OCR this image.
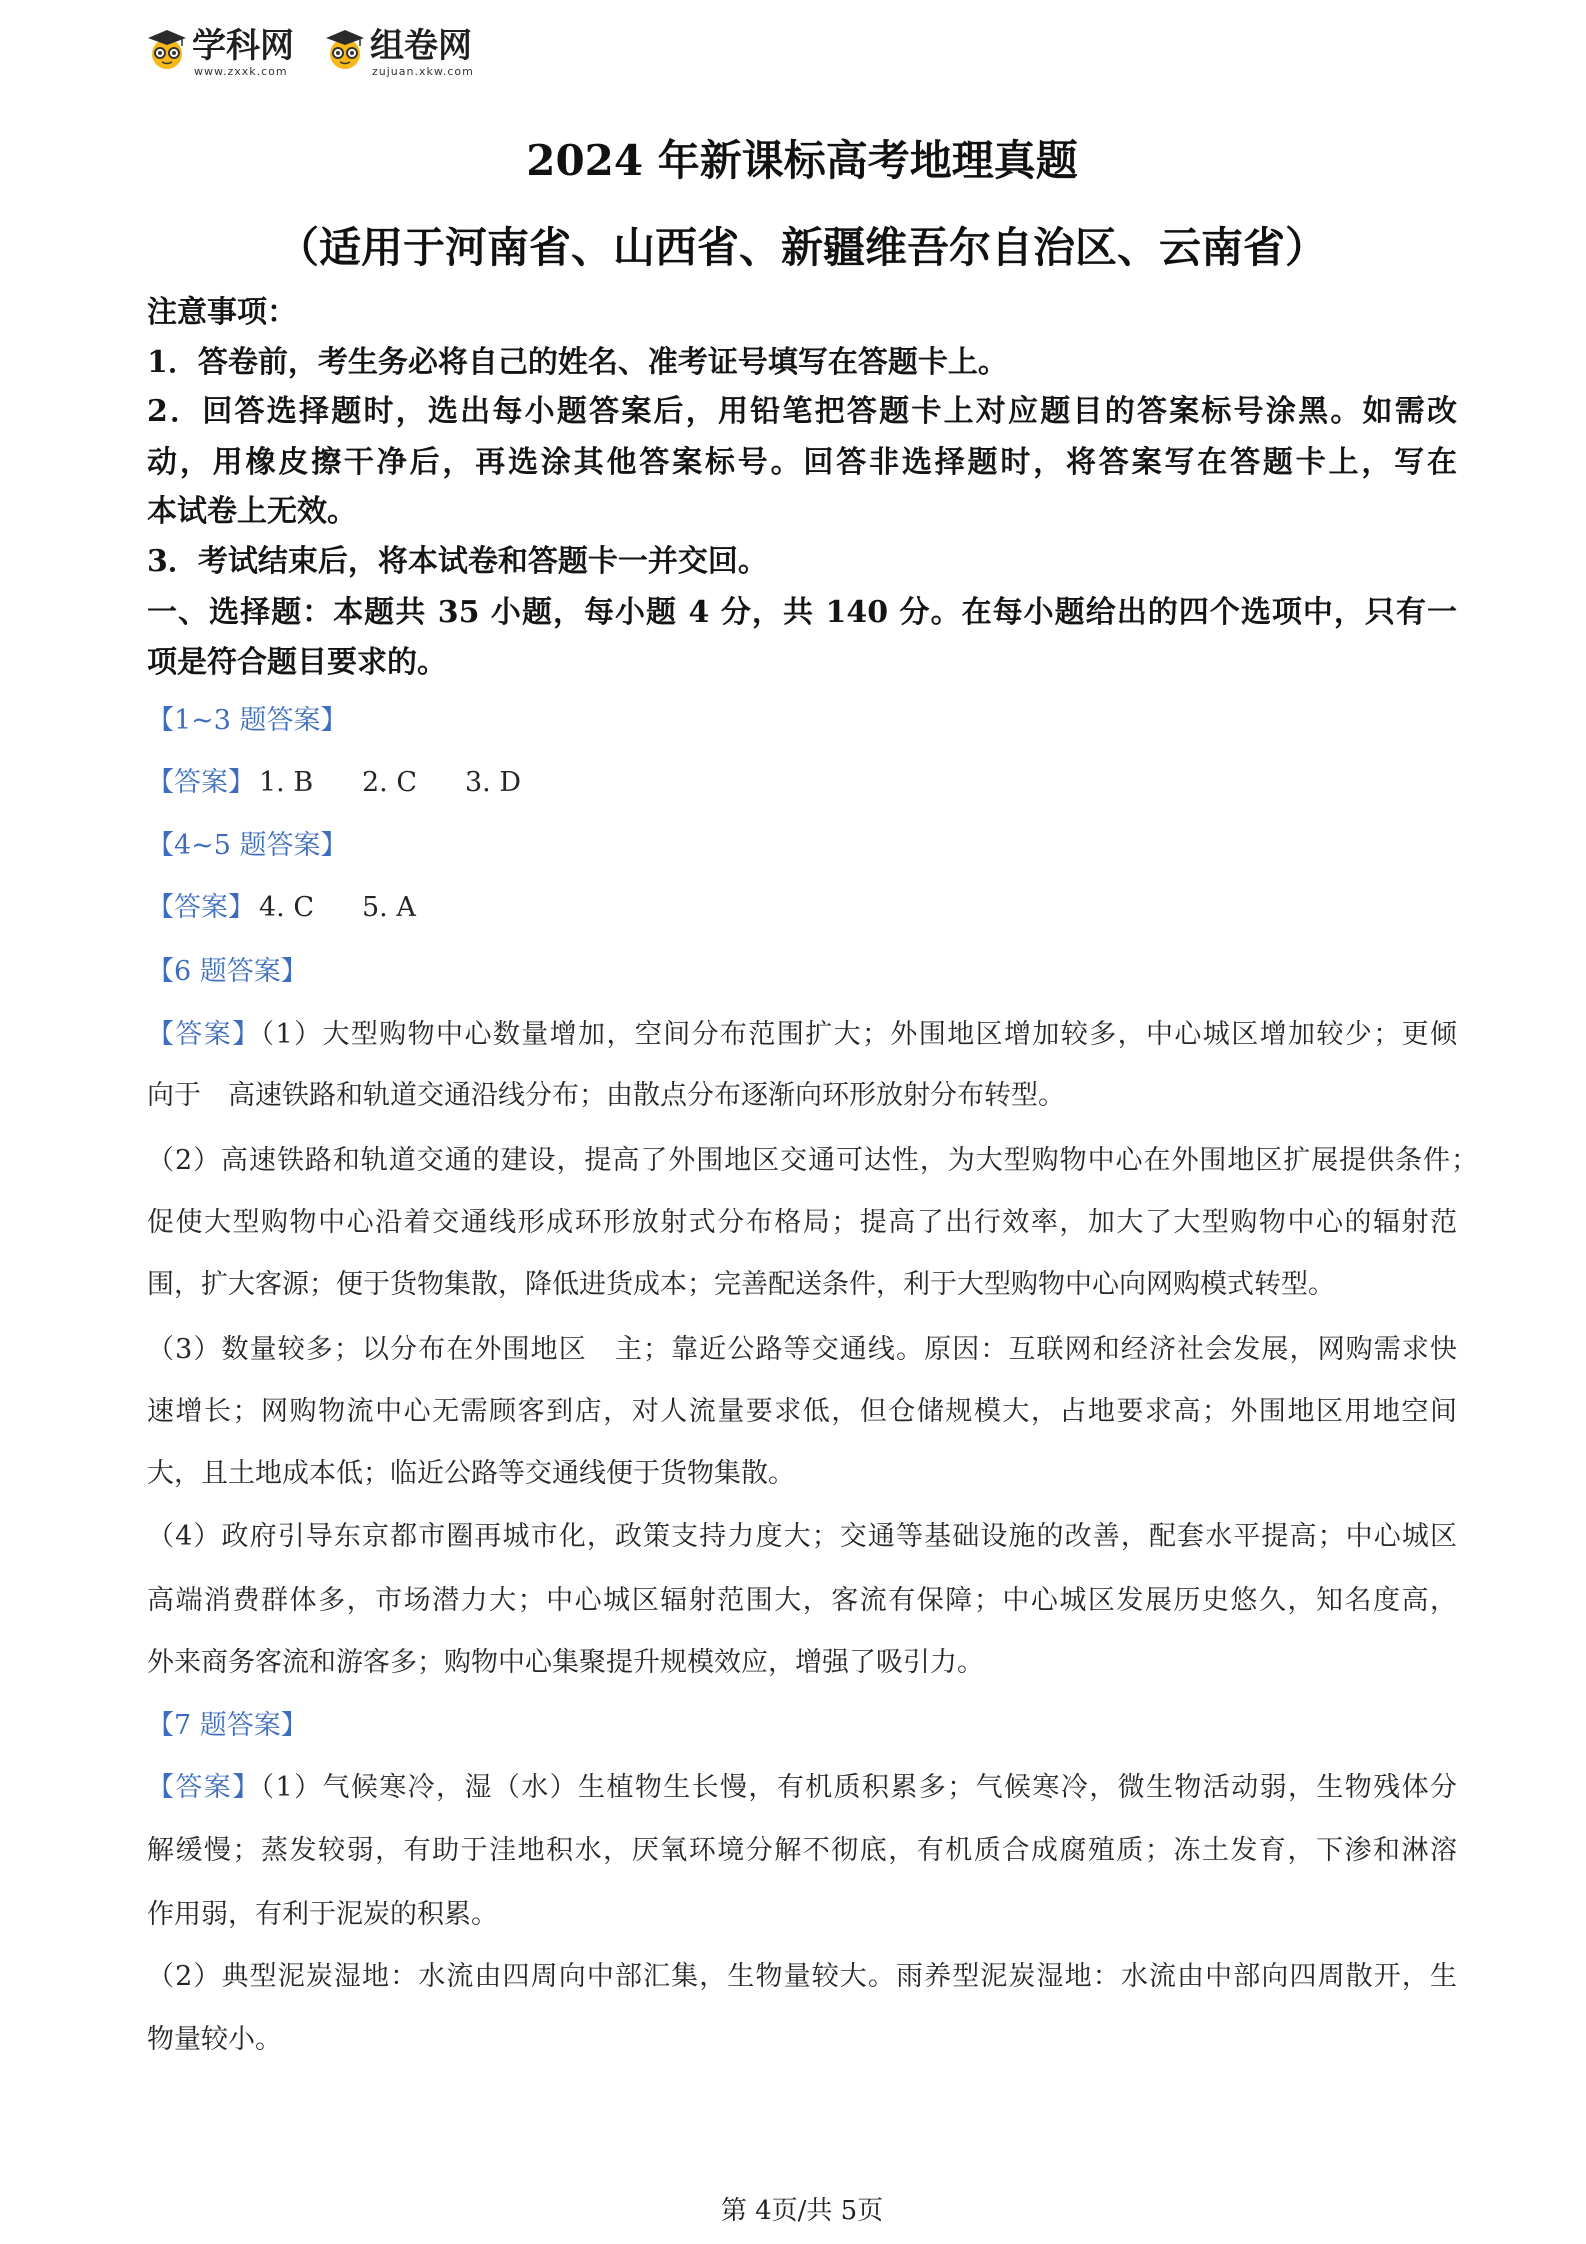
学科网
www.zxxk.com
组卷网
zujuan.xkw.com
2024 年新课标高考地理真题
（适用于河南省、山西省、新疆维吾尔自治区、云南省）
注意事项：
1．答卷前，考生务必将自己的姓名、准考证号填写在答题卡上。
2．回答选择题时，选出每小题答案后，用铅笔把答题卡上对应题目的答案标号涂黑。如需改
动，用橡皮擦干净后，再选涂其他答案标号。回答非选择题时，将答案写在答题卡上，写在
本试卷上无效。
3．考试结束后，将本试卷和答题卡一并交回。
一、选择题：本题共 35 小题，每小题 4 分，共 140 分。在每小题给出的四个选项中，只有一
项是符合题目要求的。
【1~3 题答案】
【答案】 1. B 2. C 3. D
【4~5 题答案】
【答案】 4. C 5. A
【6 题答案】
【答案】（1）大型购物中心数量增加，空间分布范围扩大；外围地区增加较多，中心城区增加较少；更倾
向于　高速铁路和轨道交通沿线分布；由散点分布逐渐向环形放射分布转型。
（2）高速铁路和轨道交通的建设，提高了外围地区交通可达性，为大型购物中心在外围地区扩展提供条件；
促使大型购物中心沿着交通线形成环形放射式分布格局；提高了出行效率，加大了大型购物中心的辐射范
围，扩大客源；便于货物集散，降低进货成本；完善配送条件，利于大型购物中心向网购模式转型。
（3）数量较多；以分布在外围地区　主；靠近公路等交通线。原因：互联网和经济社会发展，网购需求快
速增长；网购物流中心无需顾客到店，对人流量要求低，但仓储规模大，占地要求高；外围地区用地空间
大，且土地成本低；临近公路等交通线便于货物集散。
（4）政府引导东京都市圈再城市化，政策支持力度大；交通等基础设施的改善，配套水平提高；中心城区
高端消费群体多，市场潜力大；中心城区辐射范围大，客流有保障；中心城区发展历史悠久，知名度高，
外来商务客流和游客多；购物中心集聚提升规模效应，增强了吸引力。
【7 题答案】
【答案】（1）气候寒冷，湿（水）生植物生长慢，有机质积累多；气候寒冷，微生物活动弱，生物残体分
解缓慢；蒸发较弱，有助于洼地积水，厌氧环境分解不彻底，有机质合成腐殖质；冻土发育，下渗和淋溶
作用弱，有利于泥炭的积累。
（2）典型泥炭湿地：水流由四周向中部汇集，生物量较大。雨养型泥炭湿地：水流由中部向四周散开，生
物量较小。
第 4页/共 5页
